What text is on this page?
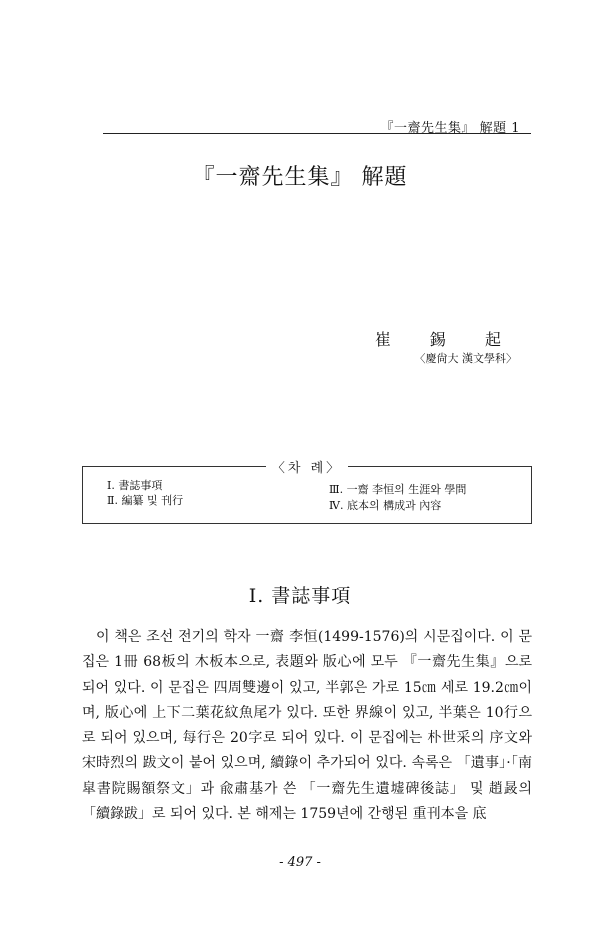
『一齋先生集』 解題 1
『一齋先生集』 解題
崔 錫 起
〈慶尙大 漢文學科〉
〈차 례〉
Ⅰ. 書誌事項
Ⅱ. 編纂 및 刊行
Ⅲ. 一齋 李恒의 生涯와 學問
Ⅳ. 底本의 構成과 內容
Ⅰ. 書誌事項

이 책은 조선 전기의 학자 一齋 李恒(1499-1576)의 시문집이다. 이 문집은 1冊 68板의 木板本으로, 表題와 版心에 모두 『一齋先生集』으로 되어 있다. 이 문집은 四周雙邊이 있고, 半郭은 가로 15㎝ 세로 19.2㎝이며, 版心에 上下二葉花紋魚尾가 있다. 또한 界線이 있고, 半葉은 10行으로 되어 있으며, 每行은 20字로 되어 있다. 이 문집에는 朴世采의 序文와 宋時烈의 跋文이 붙어 있으며, 續錄이 추가되어 있다. 속록은 「遺事」·「南皐書院賜額祭文」과 兪肅基가 쓴 「一齋先生遺墟碑後誌」 및 趙晸의 「續錄跋」로 되어 있다. 본 해제는 1759년에 간행된 重刊本을 底

- 497 -
